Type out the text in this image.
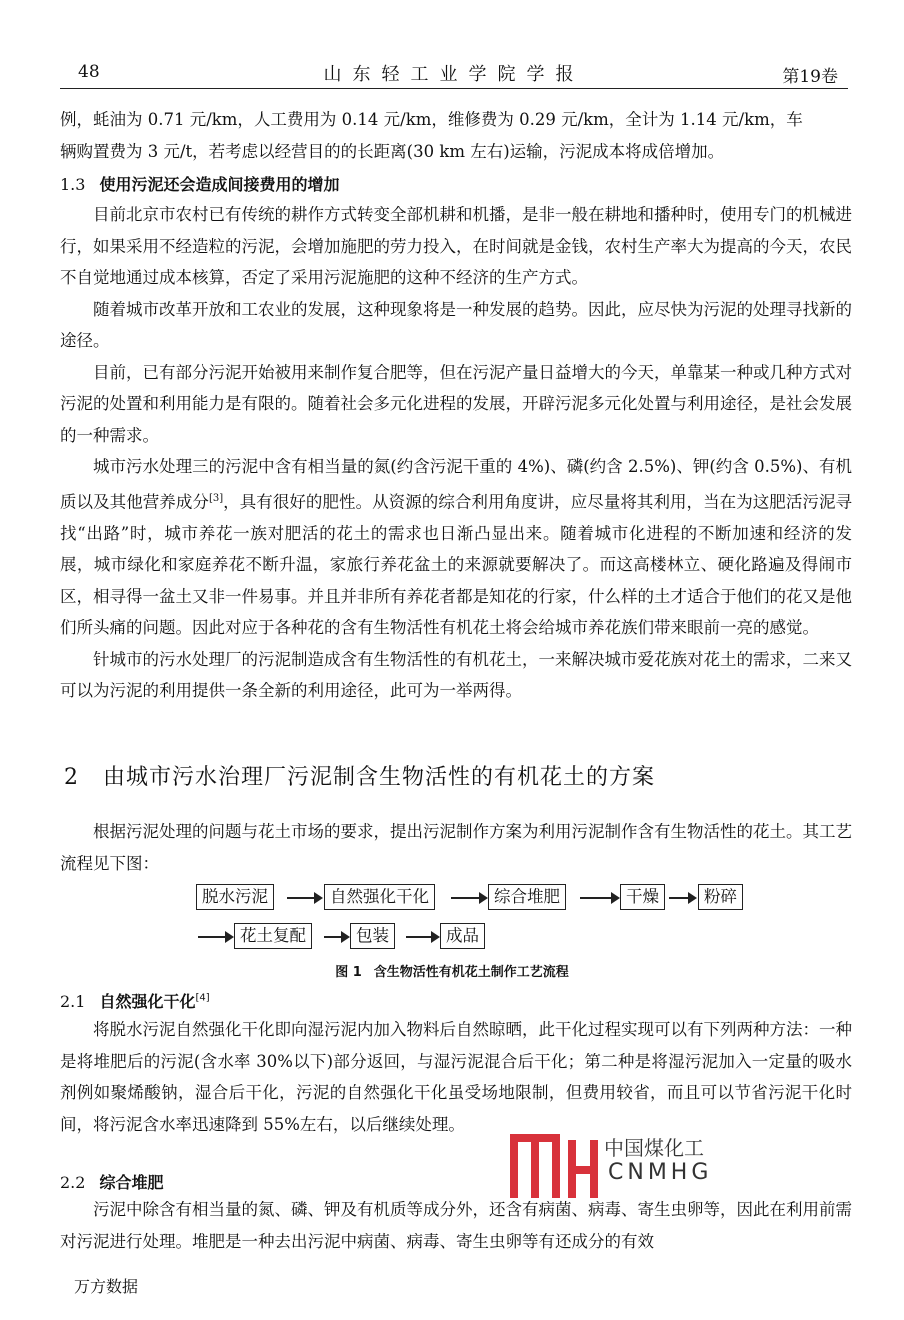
48	山东轻工业学院学报	第19卷
例，蚝油为 0.71 元/km，人工费用为 0.14 元/km，维修费为 0.29 元/km，全计为 1.14 元/km，车
辆购置费为 3 元/t，若考虑以经营目的的长距离(30 km 左右)运输，污泥成本将成倍增加。
1.3 使用污泥还会造成间接费用的增加
目前北京市农村已有传统的耕作方式转变全部机耕和机播，是非一般在耕地和播种时，使用专门的机械进行，如果采用不经造粒的污泥，会增加施肥的劳力投入，在时间就是金钱，农村生产率大为提高的今天，农民不自觉地通过成本核算，否定了采用污泥施肥的这种不经济的生产方式。
随着城市改革开放和工农业的发展，这种现象将是一种发展的趋势。因此，应尽快为污泥的处理寻找新的途径。
目前，已有部分污泥开始被用来制作复合肥等，但在污泥产量日益增大的今天，单靠某一种或几种方式对污泥的处置和利用能力是有限的。随着社会多元化进程的发展，开辟污泥多元化处置与利用途径，是社会发展的一种需求。
城市污水处理三的污泥中含有相当量的氮(约含污泥干重的 4%)、磷(约含 2.5%)、钾(约含 0.5%)、有机质以及其他营养成分[3]，具有很好的肥性。从资源的综合利用角度讲，应尽量将其利用，当在为这肥活污泥寻找“出路”时，城市养花一族对肥活的花土的需求也日渐凸显出来。随着城市化进程的不断加速和经济的发展，城市绿化和家庭养花不断升温，家旅行养花盆土的来源就要解决了。而这高楼林立、硬化路遍及得闹市区，相寻得一盆土又非一件易事。并且并非所有养花者都是知花的行家，什么样的土才适合于他们的花又是他们所头痛的问题。因此对应于各种花的含有生物活性有机花土将会给城市养花族们带来眼前一亮的感觉。
针城市的污水处理厂的污泥制造成含有生物活性的有机花土，一来解决城市爱花族对花土的需求，二来又可以为污泥的利用提供一条全新的利用途径，此可为一举两得。
2 由城市污水治理厂污泥制含生物活性的有机花土的方案
根据污泥处理的问题与花土市场的要求，提出污泥制作方案为利用污泥制作含有生物活性的花土。其工艺流程见下图：
脱水污泥	自然强化干化	综合堆肥	干燥	粉碎
花土复配	包装	成品
图 1 含生物活性有机花土制作工艺流程
2.1 自然强化干化[4]
将脱水污泥自然强化干化即向湿污泥内加入物料后自然晾晒，此干化过程实现可以有下列两种方法：一种是将堆肥后的污泥(含水率 30%以下)部分返回，与湿污泥混合后干化；第二种是将湿污泥加入一定量的吸水剂例如聚烯酸钠，湿合后干化，污泥的自然强化干化虽受场地限制，但费用较省，而且可以节省污泥干化时间，将污泥含水率迅速降到 55%左右，以后继续处理。
2.2 综合堆肥
污泥中除含有相当量的氮、磷、钾及有机质等成分外，还含有病菌、病毒、寄生虫卵等，因此在利用前需对污泥进行处理。堆肥是一种去出污泥中病菌、病毒、寄生虫卵等有还成分的有效
中国煤化工
CNMHG
万方数据
